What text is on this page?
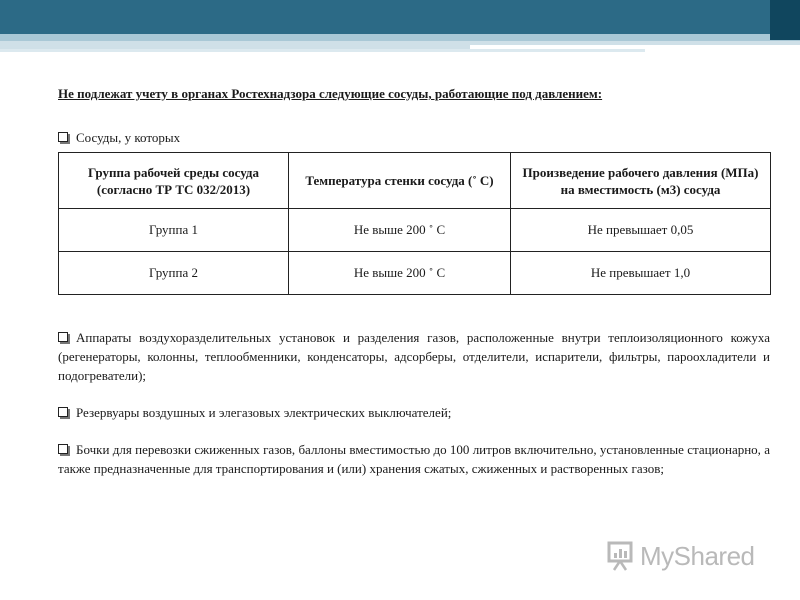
Не подлежат учету в органах Ростехнадзора следующие сосуды, работающие под давлением:
Сосуды, у которых
Группа рабочей среды сосуда (согласно ТР ТС 032/2013)	Температура стенки сосуда (˚ С)	Произведение рабочего давления (МПа) на вместимость (м3) сосуда
Группа 1	Не выше 200 ˚ С	Не превышает 0,05
Группа 2	Не выше 200 ˚ С	Не превышает 1,0
Аппараты воздухоразделительных установок и разделения газов, расположенные внутри теплоизоляционного кожуха (регенераторы, колонны, теплообменники, конденсаторы, адсорберы, отделители, испарители, фильтры, пароохладители и подогреватели);
Резервуары воздушных и элегазовых электрических выключателей;
Бочки для перевозки сжиженных газов, баллоны вместимостью до 100 литров включительно, установленные стационарно, а также предназначенные для транспортирования и (или) хранения сжатых, сжиженных и растворенных газов;
MyShared
